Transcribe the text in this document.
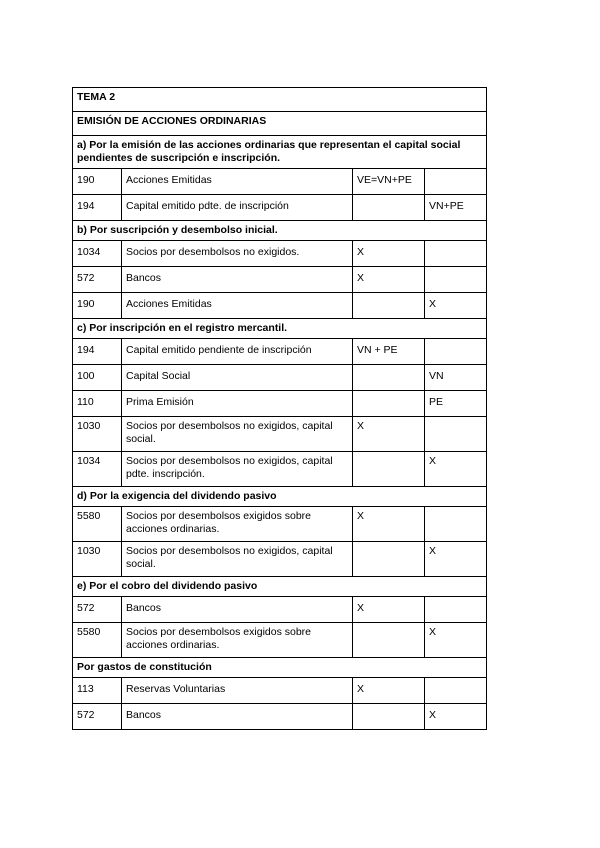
TEMA 2			
EMISIÓN DE ACCIONES ORDINARIAS			
a) Por la emisión de las acciones ordinarias que representan el capital social pendientes de suscripción e inscripción.			
190	Acciones Emitidas	VE=VN+PE	
194	Capital emitido pdte. de inscripción		VN+PE
b) Por suscripción y desembolso inicial.			
1034	Socios por desembolsos no exigidos.	X	
572	Bancos	X	
190	Acciones Emitidas		X
c) Por inscripción en el registro mercantil.			
194	Capital emitido pendiente de inscripción	VN + PE	
100	Capital Social		VN
110	Prima Emisión		PE
1030	Socios por desembolsos no exigidos, capital social.	X	
1034	Socios por desembolsos no exigidos, capital pdte. inscripción.		X
d) Por la exigencia del dividendo pasivo			
5580	Socios por desembolsos exigidos sobre acciones ordinarias.	X	
1030	Socios por desembolsos no exigidos, capital social.		X
e) Por el cobro del dividendo pasivo			
572	Bancos	X	
5580	Socios por desembolsos exigidos sobre acciones ordinarias.		X
Por gastos de constitución			
113	Reservas Voluntarias	X	
572	Bancos		X
